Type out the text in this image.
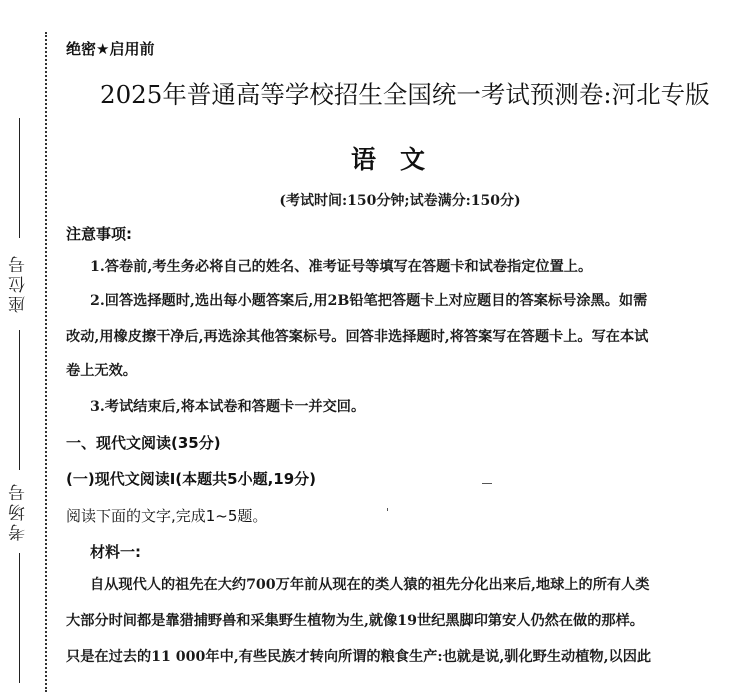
座位号
考场号
绝密★启用前
2025年普通高等学校招生全国统一考试预测卷:河北专版
语文
(考试时间:150分钟;试卷满分:150分)
注意事项:
1.答卷前,考生务必将自己的姓名、准考证号等填写在答题卡和试卷指定位置上。
2.回答选择题时,选出每小题答案后,用2B铅笔把答题卡上对应题目的答案标号涂黑。如需
改动,用橡皮擦干净后,再选涂其他答案标号。回答非选择题时,将答案写在答题卡上。写在本试
卷上无效。
3.考试结束后,将本试卷和答题卡一并交回。
一、现代文阅读(35分)
(一)现代文阅读Ⅰ(本题共5小题,19分)
阅读下面的文字,完成1~5题。
材料一:
自从现代人的祖先在大约700万年前从现在的类人猿的祖先分化出来后,地球上的所有人类
大部分时间都是靠猎捕野兽和采集野生植物为生,就像19世纪黑脚印第安人仍然在做的那样。
只是在过去的11 000年中,有些民族才转向所谓的粮食生产:也就是说,驯化野生动植物,以因此
